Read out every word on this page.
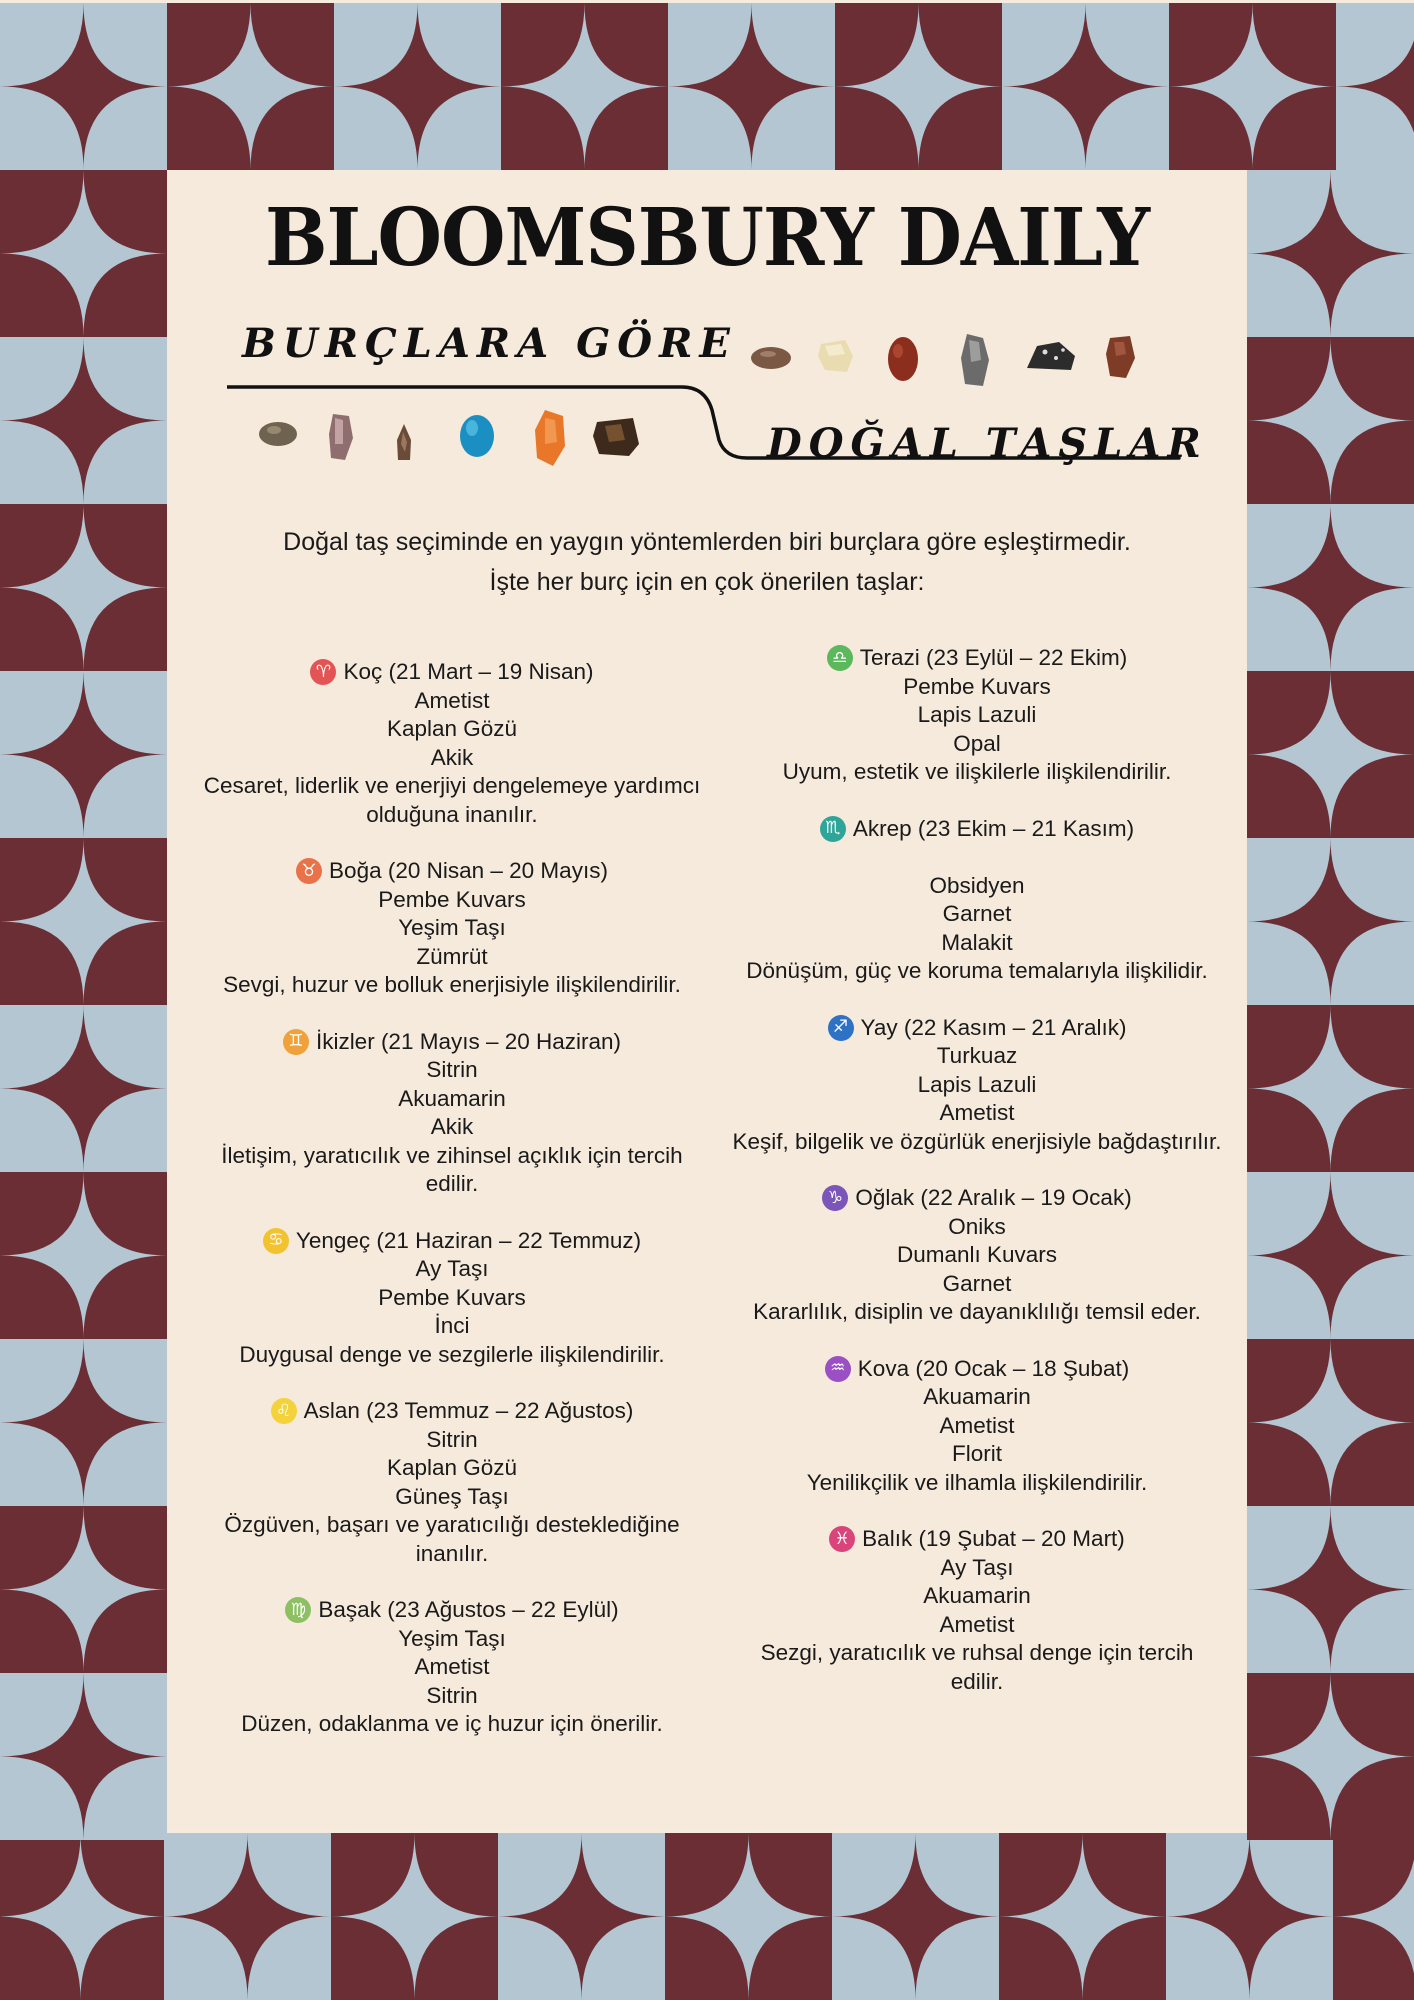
BLOOMSBURY DAILY
BURÇLARA GÖRE
DOĞAL TAŞLAR

Doğal taş seçiminde en yaygın yöntemlerden biri burçlara göre eşleştirmedir.

İşte her burç için en çok önerilen taşlar:

♈ Koç (21 Mart – 19 Nisan)
Ametist
Kaplan Gözü
Akik
Cesaret, liderlik ve enerjiyi dengelemeye yardımcı olduğuna inanılır.
♉ Boğa (20 Nisan – 20 Mayıs)
Pembe Kuvars
Yeşim Taşı
Zümrüt
Sevgi, huzur ve bolluk enerjisiyle ilişkilendirilir.
♊ İkizler (21 Mayıs – 20 Haziran)
Sitrin
Akuamarin
Akik
İletişim, yaratıcılık ve zihinsel açıklık için tercih edilir.
♋ Yengeç (21 Haziran – 22 Temmuz)
Ay Taşı
Pembe Kuvars
İnci
Duygusal denge ve sezgilerle ilişkilendirilir.
♌ Aslan (23 Temmuz – 22 Ağustos)
Sitrin
Kaplan Gözü
Güneş Taşı
Özgüven, başarı ve yaratıcılığı desteklediğine inanılır.
♍ Başak (23 Ağustos – 22 Eylül)
Yeşim Taşı
Ametist
Sitrin
Düzen, odaklanma ve iç huzur için önerilir.
♎ Terazi (23 Eylül – 22 Ekim)
Pembe Kuvars
Lapis Lazuli
Opal
Uyum, estetik ve ilişkilerle ilişkilendirilir.
♏ Akrep (23 Ekim – 21 Kasım)
Obsidyen
Garnet
Malakit
Dönüşüm, güç ve koruma temalarıyla ilişkilidir.
♐ Yay (22 Kasım – 21 Aralık)
Turkuaz
Lapis Lazuli
Ametist
Keşif, bilgelik ve özgürlük enerjisiyle bağdaştırılır.
♑ Oğlak (22 Aralık – 19 Ocak)
Oniks
Dumanlı Kuvars
Garnet
Kararlılık, disiplin ve dayanıklılığı temsil eder.
♒ Kova (20 Ocak – 18 Şubat)
Akuamarin
Ametist
Florit
Yenilikçilik ve ilhamla ilişkilendirilir.
♓ Balık (19 Şubat – 20 Mart)
Ay Taşı
Akuamarin
Ametist
Sezgi, yaratıcılık ve ruhsal denge için tercih edilir.
